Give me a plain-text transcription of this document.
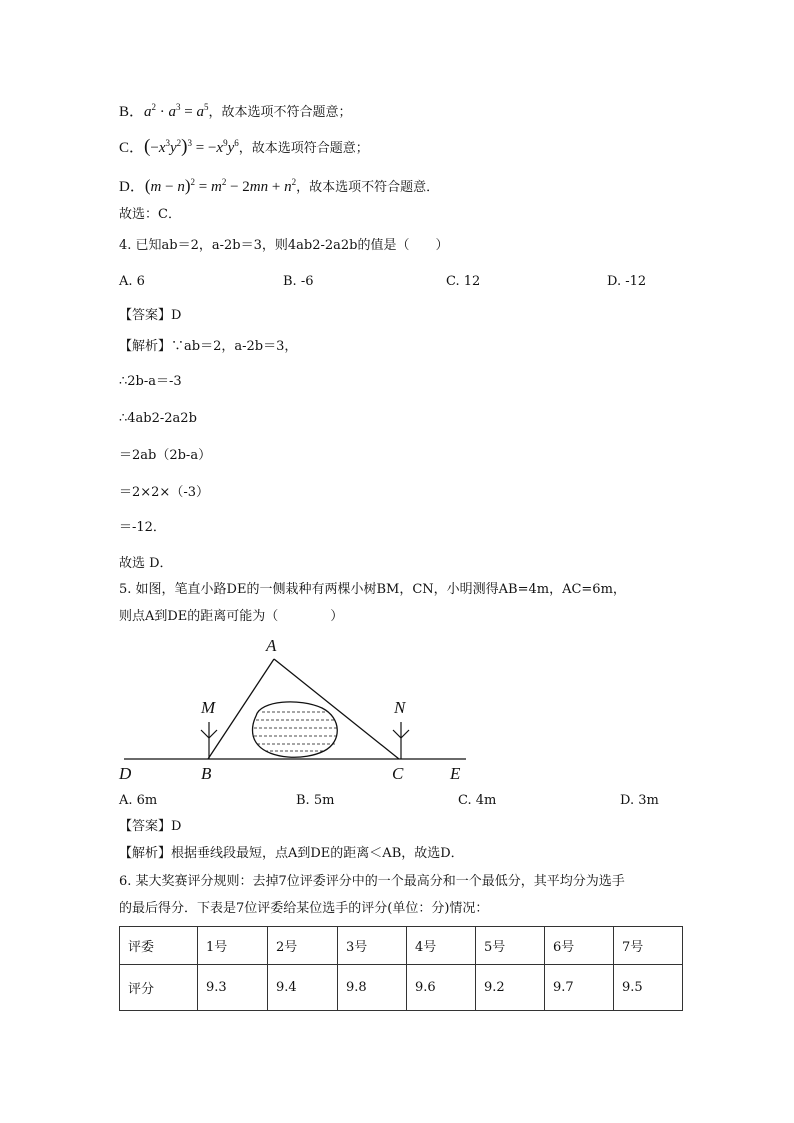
B．$a^2 \cdot a^3 = a^5$，故本选项不符合题意；
C．$(-x^3y^2)^3 = -x^9y^6$，故本选项符合题意；
D．$(m - n)^2 = m^2 - 2mn + n^2$，故本选项不符合题意．
故选：C．
4. 已知ab＝2，a-2b＝3，则4ab2-2a2b的值是（　　）
A. 6	B. -6	C. 12	D. -12
【答案】D
【解析】∵ab＝2，a-2b＝3，
∴2b-a＝-3
∴4ab2-2a2b
＝2ab（2b-a）
＝2×2×（-3）
＝-12．
故选 D．
5. 如图，笔直小路DE的一侧栽种有两棵小树BM，CN，小明测得AB=4m，AC=6m，
则点A到DE的距离可能为（　　　　）
A
M	N
D	B	C	E
A. 6m	B. 5m	C. 4m	D. 3m
【答案】D
【解析】根据垂线段最短，点A到DE的距离＜AB，故选D．
6. 某大奖赛评分规则：去掉7位评委评分中的一个最高分和一个最低分，其平均分为选手
的最后得分．下表是7位评委给某位选手的评分(单位：分)情况：
评委	1号	2号	3号	4号	5号	6号	7号
评分	9.3	9.4	9.8	9.6	9.2	9.7	9.5
